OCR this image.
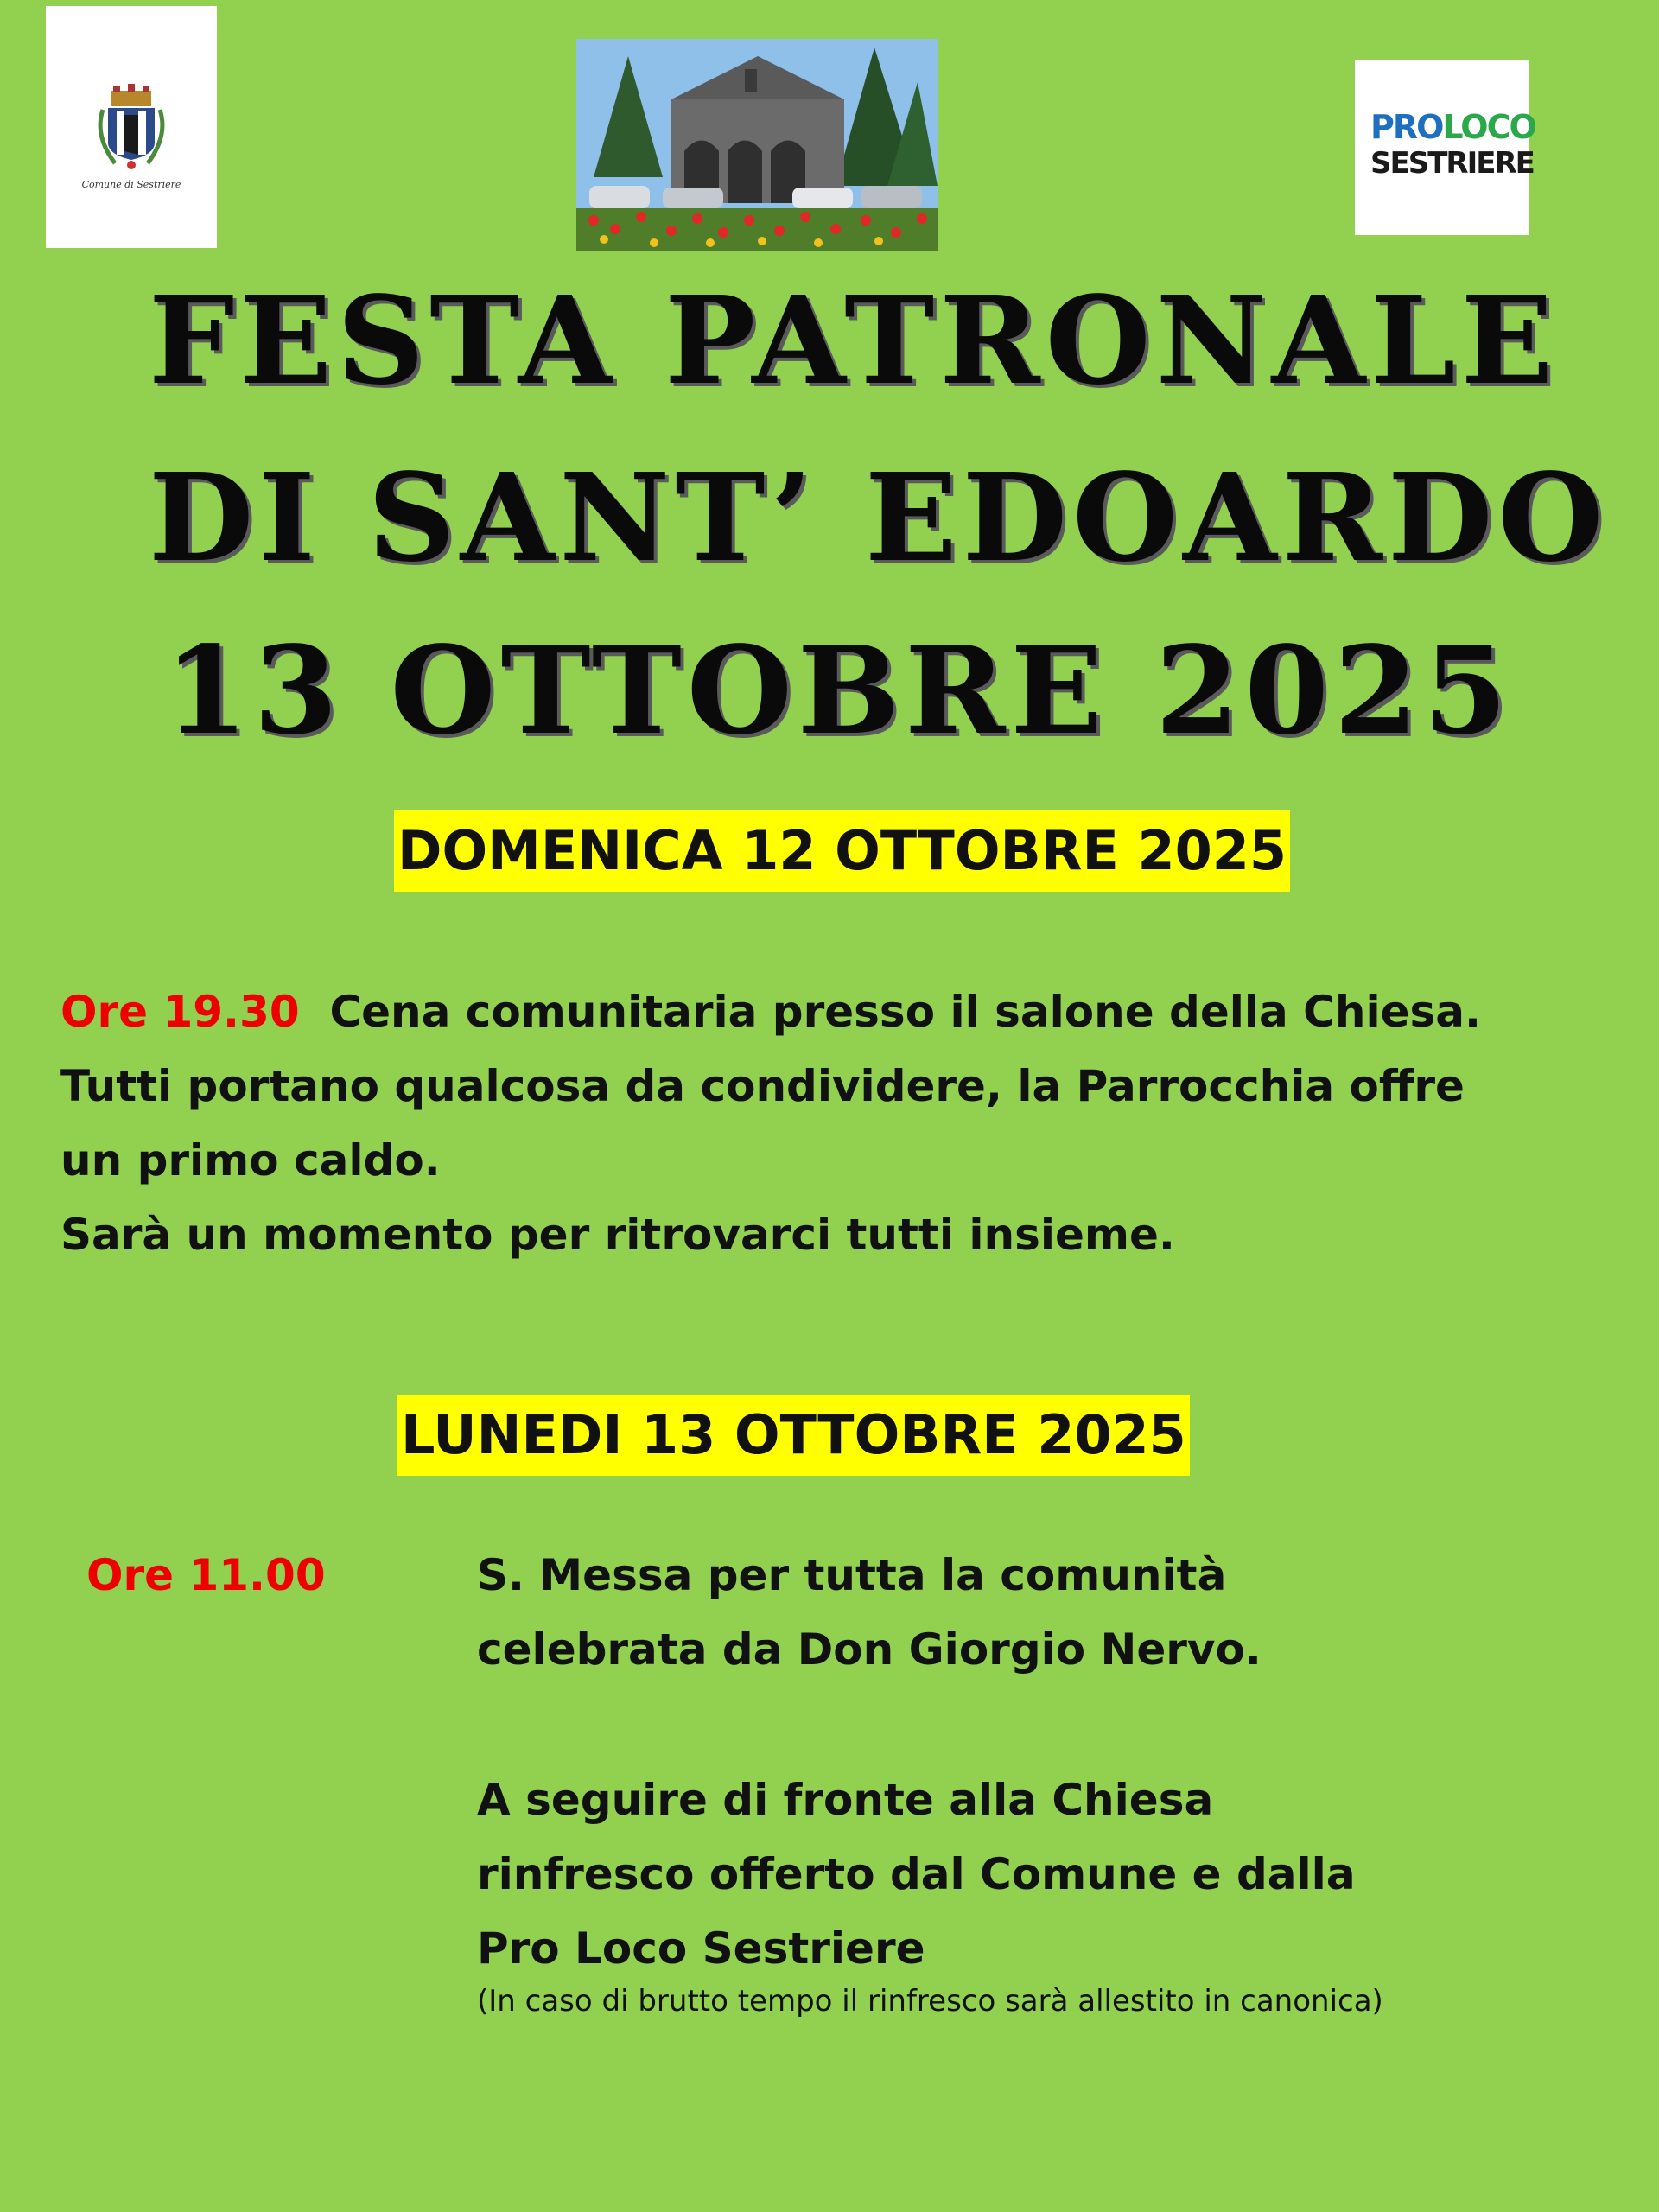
Comune di Sestriere
PROLOCO
SESTRIERE
FESTA PATRONALE
DI SANT’ EDOARDO
13 OTTOBRE 2025
DOMENICA 12 OTTOBRE 2025
Ore 19.30  Cena comunitaria presso il salone della Chiesa.
Tutti portano qualcosa da condividere, la Parrocchia offre
un primo caldo.
Sarà un momento per ritrovarci tutti insieme.
LUNEDI 13 OTTOBRE 2025
Ore 11.00	S. Messa per tutta la comunità
celebrata da Don Giorgio Nervo.
A seguire di fronte alla Chiesa
rinfresco offerto dal Comune e dalla
Pro Loco Sestriere
(In caso di brutto tempo il rinfresco sarà allestito in canonica)
